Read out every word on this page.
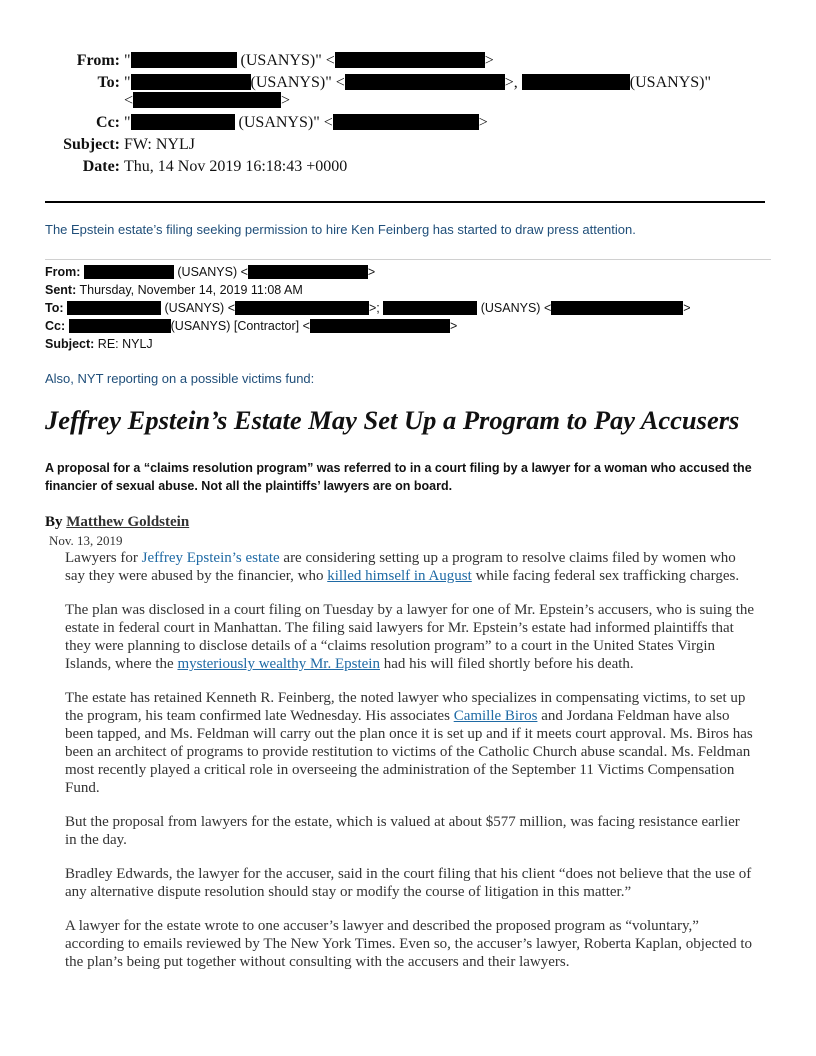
From: "	(USANYS)" <	>
To: "	(USANYS)" <	>,	(USANYS)"
<	>
Cc: "	(USANYS)" <	>
Subject: FW: NYLJ
Date: Thu, 14 Nov 2019 16:18:43 +0000
The Epstein estate’s filing seeking permission to hire Ken Feinberg has started to draw press attention.
From:	(USANYS) <	>
Sent: Thursday, November 14, 2019 11:08 AM
To:	(USANYS) <	>;	(USANYS) <	>
Cc:	(USANYS) [Contractor] <	>
Subject: RE: NYLJ
Also, NYT reporting on a possible victims fund:
Jeffrey Epstein’s Estate May Set Up a Program to Pay Accusers

A proposal for a “claims resolution program” was referred to in a court filing by a lawyer for a woman who accused the financier of sexual abuse. Not all the plaintiffs’ lawyers are on board.

By Matthew Goldstein
Nov. 13, 2019

Lawyers for Jeffrey Epstein’s estate are considering setting up a program to resolve claims filed by women who say they were abused by the financier, who killed himself in August while facing federal sex trafficking charges.

The plan was disclosed in a court filing on Tuesday by a lawyer for one of Mr. Epstein’s accusers, who is suing the estate in federal court in Manhattan. The filing said lawyers for Mr. Epstein’s estate had informed plaintiffs that they were planning to disclose details of a “claims resolution program” to a court in the United States Virgin Islands, where the mysteriously wealthy Mr. Epstein had his will filed shortly before his death.

The estate has retained Kenneth R. Feinberg, the noted lawyer who specializes in compensating victims, to set up the program, his team confirmed late Wednesday. His associates Camille Biros and Jordana Feldman have also been tapped, and Ms. Feldman will carry out the plan once it is set up and if it meets court approval. Ms. Biros has been an architect of programs to provide restitution to victims of the Catholic Church abuse scandal. Ms. Feldman most recently played a critical role in overseeing the administration of the September 11 Victims Compensation Fund.

But the proposal from lawyers for the estate, which is valued at about $577 million, was facing resistance earlier in the day.

Bradley Edwards, the lawyer for the accuser, said in the court filing that his client “does not believe that the use of any alternative dispute resolution should stay or modify the course of litigation in this matter.”

A lawyer for the estate wrote to one accuser’s lawyer and described the proposed program as “voluntary,” according to emails reviewed by The New York Times. Even so, the accuser’s lawyer, Roberta Kaplan, objected to the plan’s being put together without consulting with the accusers and their lawyers.
